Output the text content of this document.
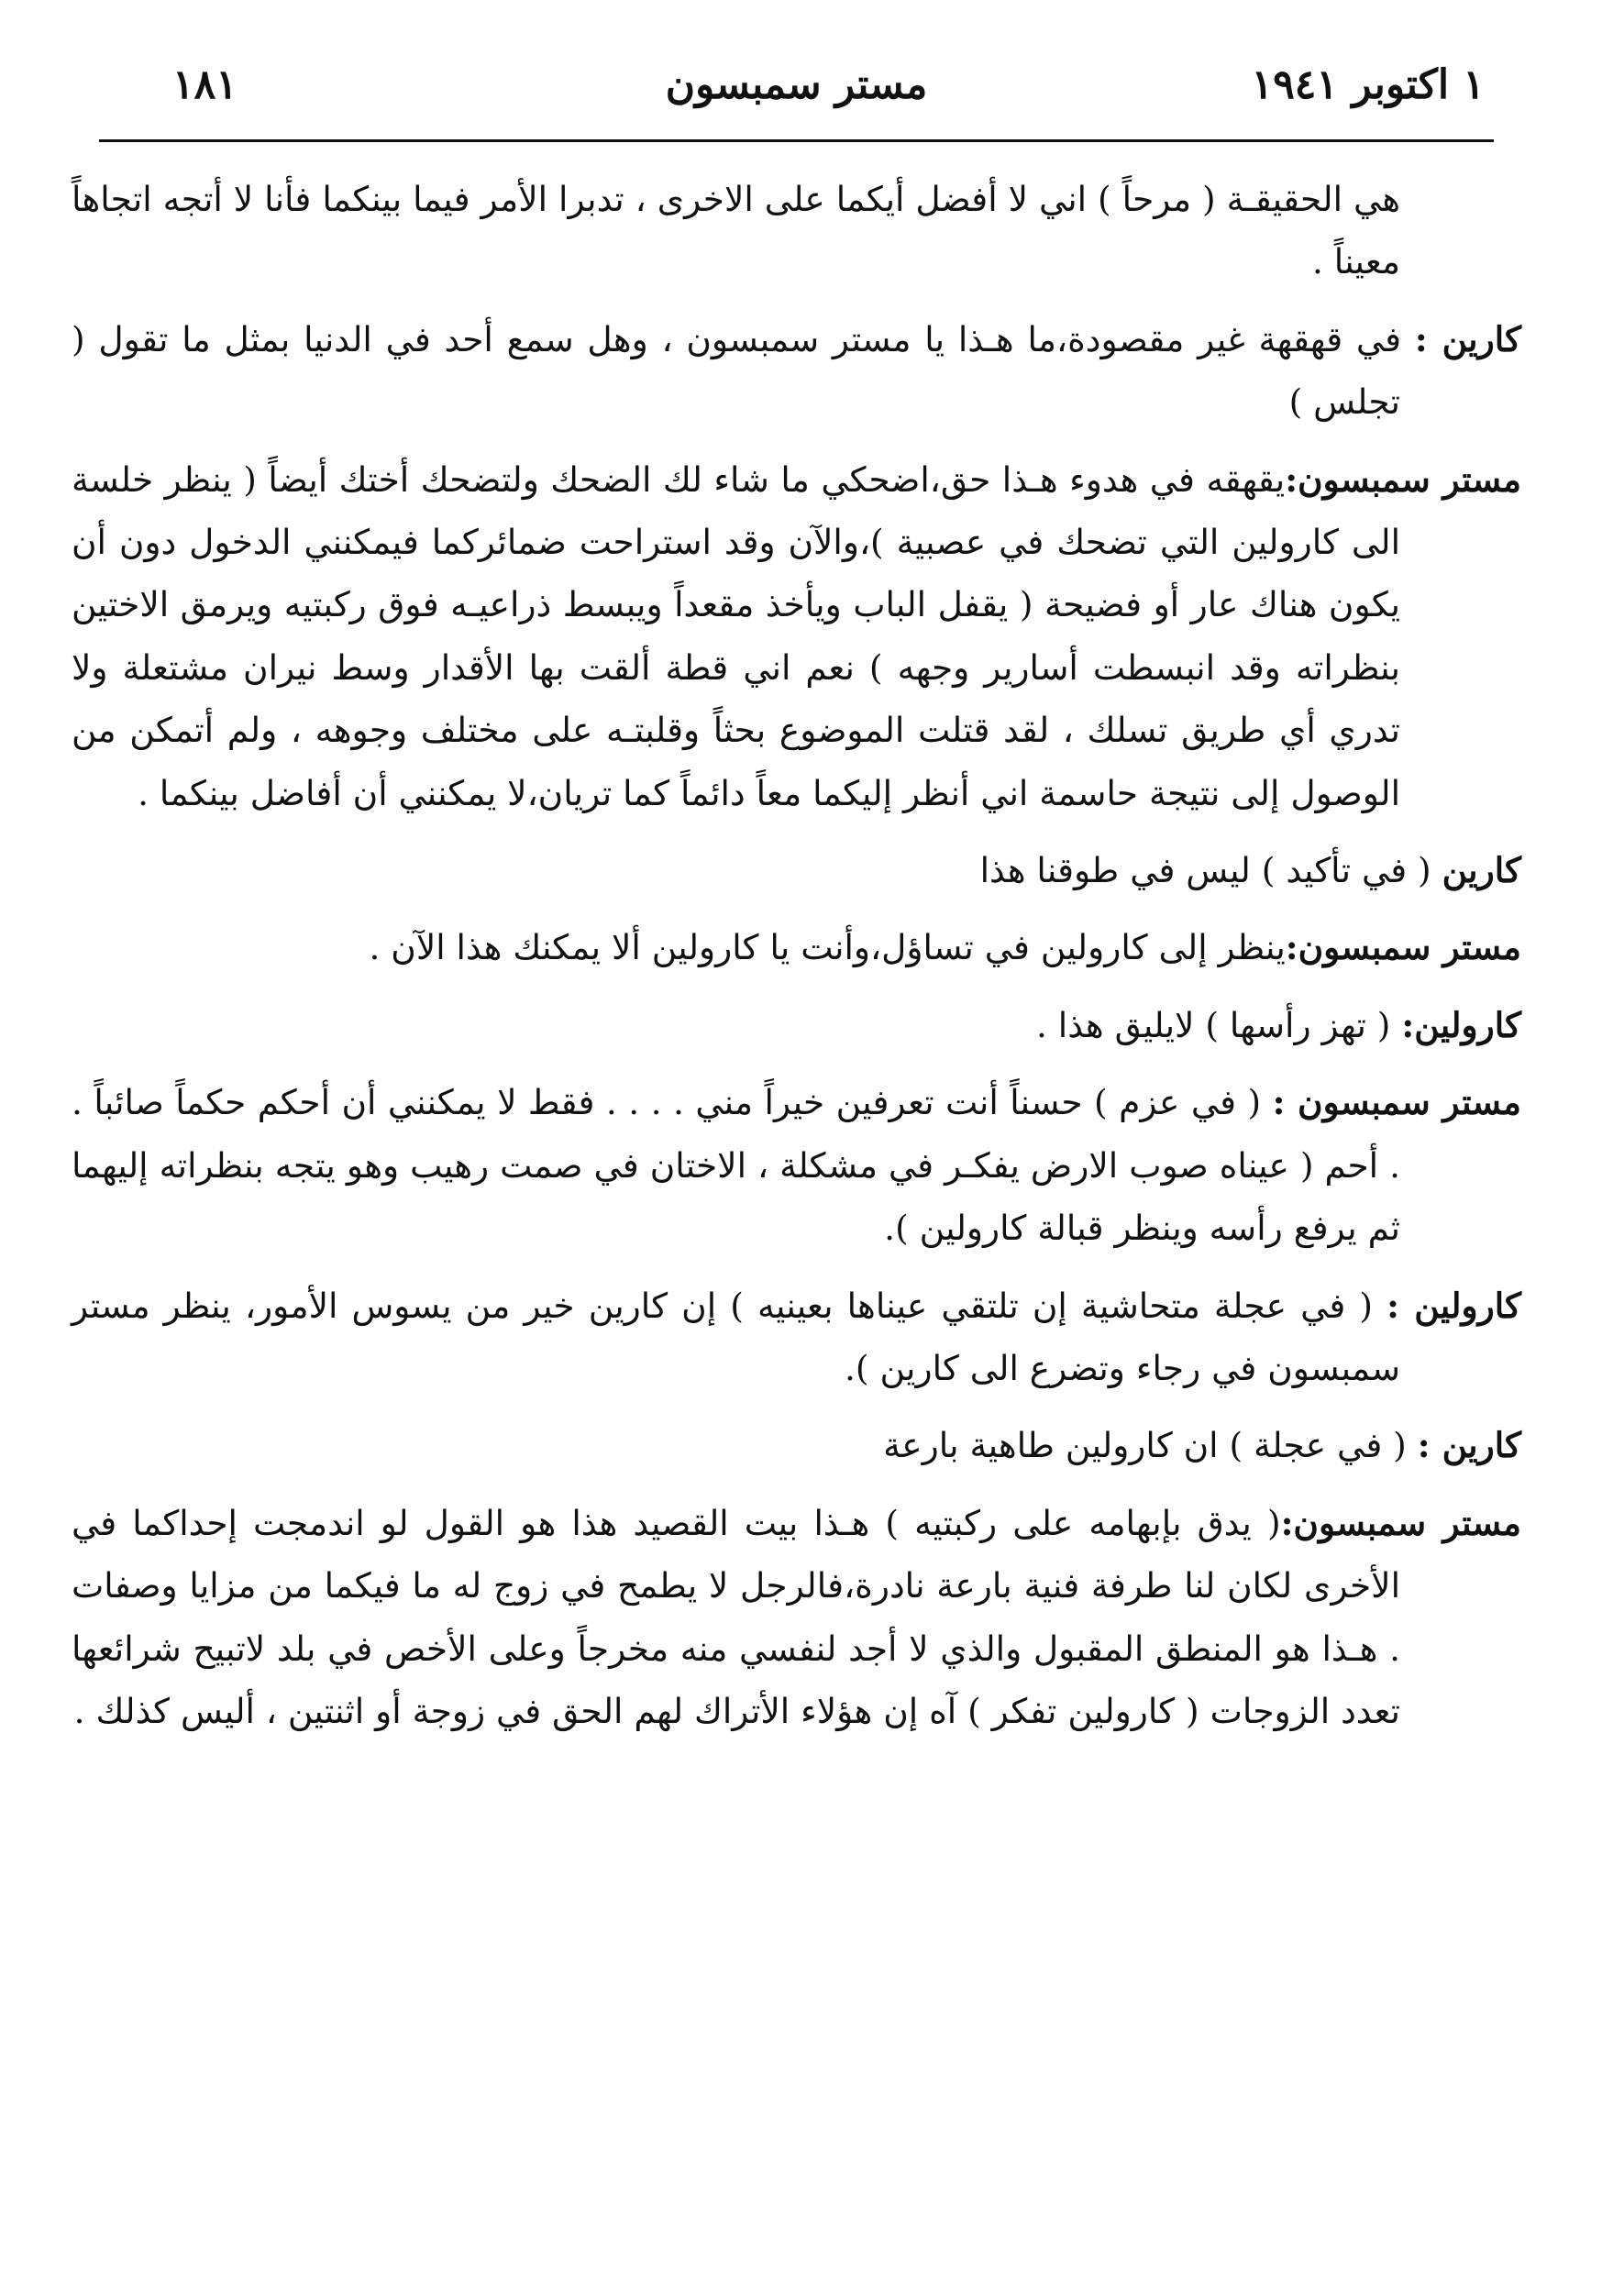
١ اكتوبر ١٩٤١
مستر سمبسون
١٨١

هي الحقيقـة ( مرحاً ) اني لا أفضل أيكما على الاخرى ، تدبرا الأمر فيما بينكما فأنا لا أتجه اتجاهاً معيناً .

كارين : في قهقهة غير مقصودة،ما هـذا يا مستر سمبسون ، وهل سمع أحد في الدنيا بمثل ما تقول ( تجلس )

مستر سمبسون:يقهقه في هدوء هـذا حق،اضحكي ما شاء لك الضحك ولتضحك أختك أيضاً ( ينظر خلسة الى كارولين التي تضحك في عصبية )،والآن وقد استراحت ضمائركما فيمكنني الدخول دون أن يكون هناك عار أو فضيحة ( يقفل الباب ويأخذ مقعداً ويبسط ذراعيـه فوق ركبتيه ويرمق الاختين بنظراته وقد انبسطت أسارير وجهه ) نعم اني قطة ألقت بها الأقدار وسط نيران مشتعلة ولا تدري أي طريق تسلك ، لقد قتلت الموضوع بحثاً وقلبتـه على مختلف وجوهه ، ولم أتمكن من الوصول إلى نتيجة حاسمة اني أنظر إليكما معاً دائماً كما تريان،لا يمكنني أن أفاضل بينكما .

كارين ( في تأكيد ) ليس في طوقنا هذا

مستر سمبسون:ينظر إلى كارولين في تساؤل،وأنت يا كارولين ألا يمكنك هذا الآن .

كارولين: ( تهز رأسها ) لايليق هذا .

مستر سمبسون : ( في عزم ) حسناً أنت تعرفين خيراً مني . . . . فقط لا يمكنني أن أحكم حكماً صائباً . . أحم ( عيناه صوب الارض يفكـر في مشكلة ، الاختان في صمت رهيب وهو يتجه بنظراته إليهما ثم يرفع رأسه وينظر قبالة كارولين ).

كارولين : ( في عجلة متحاشية إن تلتقي عيناها بعينيه ) إن كارين خير من يسوس الأمور، ينظر مستر سمبسون في رجاء وتضرع الى كارين ).

كارين : ( في عجلة ) ان كارولين طاهية بارعة

مستر سمبسون:( يدق بإبهامه على ركبتيه ) هـذا بيت القصيد هذا هو القول لو اندمجت إحداكما في الأخرى لكان لنا طرفة فنية بارعة نادرة،فالرجل لا يطمح في زوج له ما فيكما من مزايا وصفات . هـذا هو المنطق المقبول والذي لا أجد لنفسي منه مخرجاً وعلى الأخص في بلد لاتبيح شرائعها تعدد الزوجات ( كارولين تفكر ) آه إن هؤلاء الأتراك لهم الحق في زوجة أو اثنتين ، أليس كذلك .
